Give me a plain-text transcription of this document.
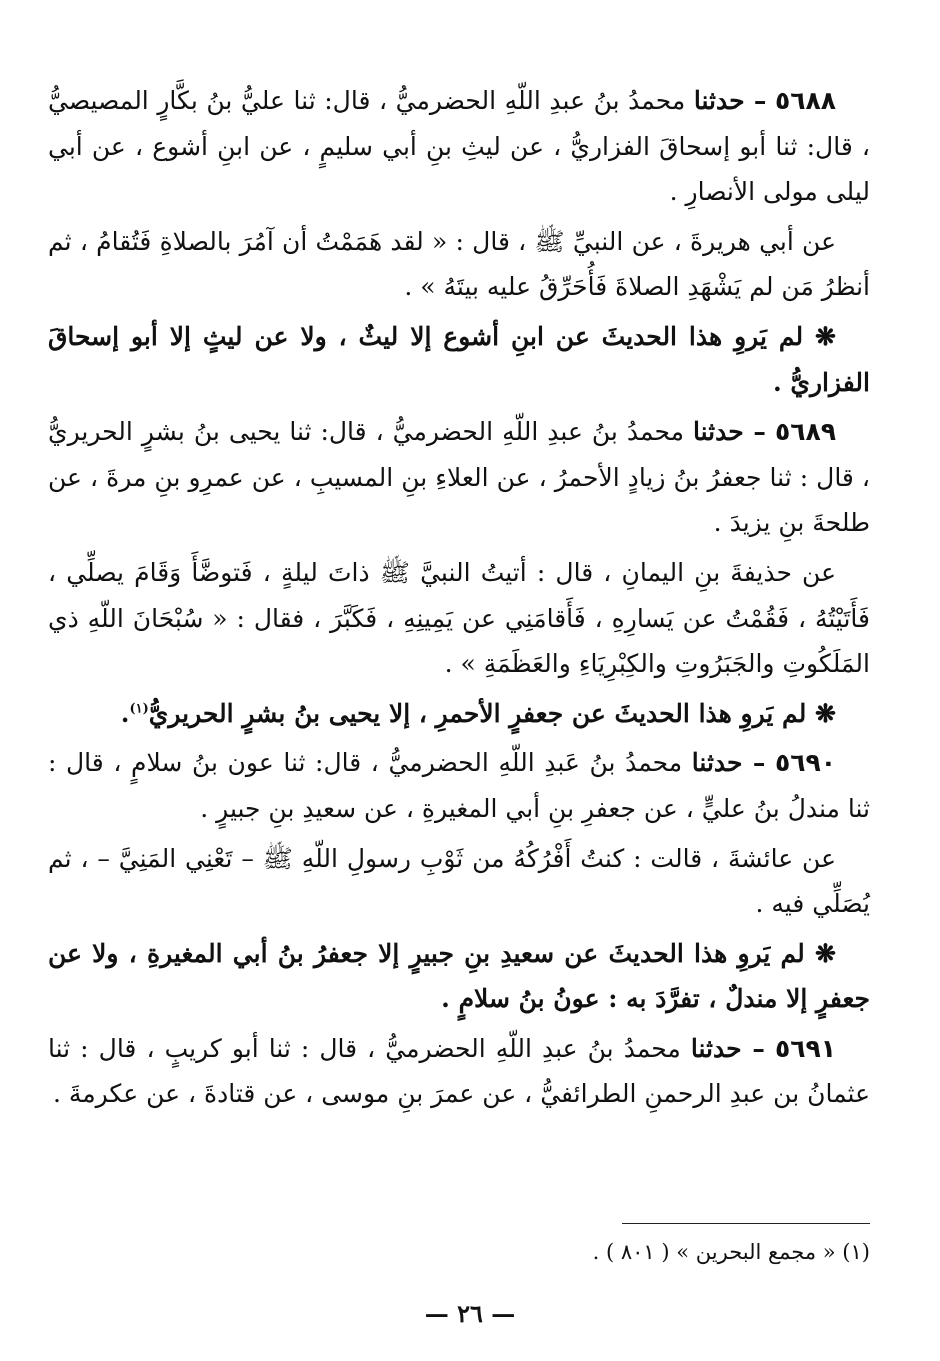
٥٦٨٨ – حدثنا محمدُ بنُ عبدِ اللّهِ الحضرميُّ ، قال: ثنا عليُّ بنُ بكَّارٍ المصيصيُّ ، قال: ثنا أبو إسحاقَ الفزاريُّ ، عن ليثِ بنِ أبي سليمٍ ، عن ابنِ أشوع ، عن أبي ليلى مولى الأنصارِ .

عن أبي هريرةَ ، عن النبيِّ ﷺ ، قال : « لقد هَمَمْتُ أن آمُرَ بالصلاةِ فَتُقامُ ، ثم أنظرُ مَن لم يَشْهَدِ الصلاةَ فَأُحَرِّقُ عليه بيتَهُ » .

❋ لم يَروِ هذا الحديثَ عن ابنِ أشوع إلا ليثٌ ، ولا عن ليثٍ إلا أبو إسحاقَ الفزاريُّ .

٥٦٨٩ – حدثنا محمدُ بنُ عبدِ اللّهِ الحضرميُّ ، قال: ثنا يحيى بنُ بشرٍ الحريريُّ ، قال : ثنا جعفرُ بنُ زيادٍ الأحمرُ ، عن العلاءِ بنِ المسيبِ ، عن عمرِو بنِ مرةَ ، عن طلحةَ بنِ يزيدَ .

عن حذيفةَ بنِ اليمانِ ، قال : أتيتُ النبيَّ ﷺ ذاتَ ليلةٍ ، فَتوضَّأَ وَقَامَ يصلِّي ، فَأَتَيْتُهُ ، فَقُمْتُ عن يَسارِهِ ، فَأَقامَنِي عن يَمِينِهِ ، فَكَبَّرَ ، فقال : « سُبْحَانَ اللّهِ ذي المَلَكُوتِ والجَبَرُوتِ والكِبْرِيَاءِ والعَظَمَةِ » .

❋ لم يَروِ هذا الحديثَ عن جعفرٍ الأحمرِ ، إلا يحيى بنُ بشرٍ الحريريُّ$^{(١)}$.

٥٦٩٠ – حدثنا محمدُ بنُ عَبدِ اللّهِ الحضرميُّ ، قال: ثنا عون بنُ سلامٍ ، قال : ثنا مندلُ بنُ عليٍّ ، عن جعفرِ بنِ أبي المغيرةِ ، عن سعيدِ بنِ جبيرٍ .

عن عائشةَ ، قالت : كنتُ أَفْرُكُهُ من ثَوْبِ رسولِ اللّهِ ﷺ – تَعْنِي المَنِيَّ – ، ثم يُصَلِّي فيه .

❋ لم يَروِ هذا الحديثَ عن سعيدِ بنِ جبيرٍ إلا جعفرُ بنُ أبي المغيرةِ ، ولا عن جعفرٍ إلا مندلٌ ، تفرَّدَ به : عونُ بنُ سلامٍ .

٥٦٩١ – حدثنا محمدُ بنُ عبدِ اللّهِ الحضرميُّ ، قال : ثنا أبو كريبٍ ، قال : ثنا عثمانُ بن عبدِ الرحمنِ الطرائفيُّ ، عن عمرَ بنِ موسى ، عن قتادةَ ، عن عكرمةَ .

(١) « مجمع البحرين » ( ٨٠١ ) .
— ٢٦ —
